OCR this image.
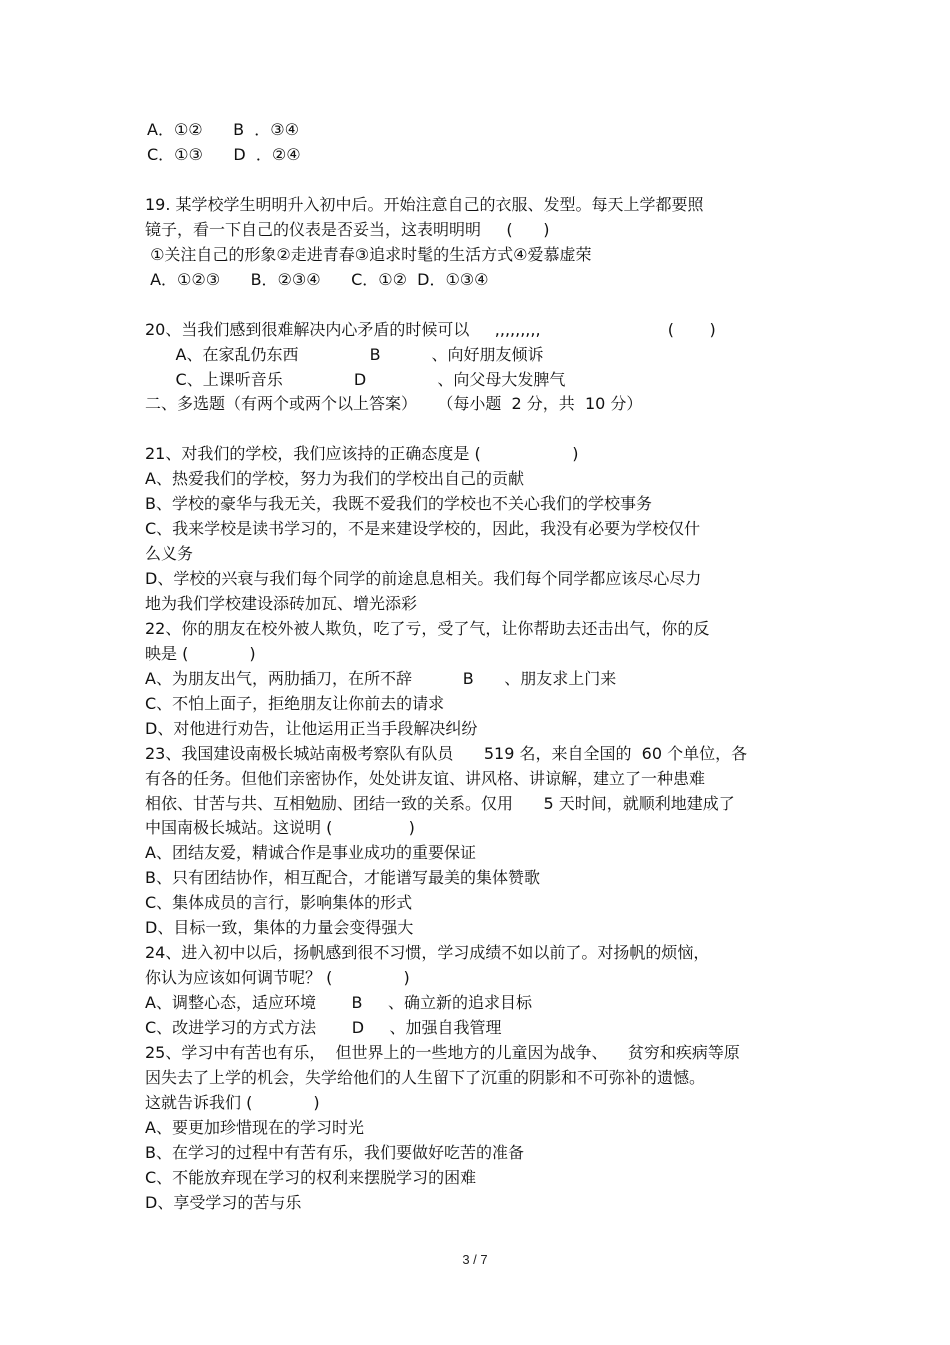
A．①②      B  ．③④
C．①③      D  ．②④
19. 某学校学生明明升入初中后。开始注意自己的衣服、发型。每天上学都要照
镜子，看一下自己的仪表是否妥当，这表明明明     (      )
①关注自己的形象②走进青春③追求时髦的生活方式④爱慕虚荣
A．①②③      B．②③④      C．①②  D．①③④
20、当我们感到很难解决内心矛盾的时候可以     ,,,,,,,,,                         (       )
A、在家乱仍东西              B          、向好朋友倾诉
C、上课听音乐              D              、向父母大发脾气
二、多选题（有两个或两个以上答案）    （每小题  2 分，共  10 分）
21、对我们的学校，我们应该持的正确态度是 (                  )
A、热爱我们的学校，努力为我们的学校出自己的贡献
B、学校的豪华与我无关，我既不爱我们的学校也不关心我们的学校事务
C、我来学校是读书学习的，不是来建设学校的，因此，我没有必要为学校仅什
么义务
D、学校的兴衰与我们每个同学的前途息息相关。我们每个同学都应该尽心尽力
地为我们学校建设添砖加瓦、增光添彩
22、你的朋友在校外被人欺负，吃了亏，受了气，让你帮助去还击出气，你的反
映是 (            )
A、为朋友出气，两肋插刀，在所不辞          B      、朋友求上门来
C、不怕上面子，拒绝朋友让你前去的请求
D、对他进行劝告，让他运用正当手段解决纠纷
23、我国建设南极长城站南极考察队有队员      519 名，来自全国的  60 个单位，各
有各的任务。但他们亲密协作，处处讲友谊、讲风格、讲谅解，建立了一种患难
相依、甘苦与共、互相勉励、团结一致的关系。仅用      5 天时间，就顺利地建成了
中国南极长城站。这说明 (               )
A、团结友爱，精诚合作是事业成功的重要保证
B、只有团结协作，相互配合，才能谱写最美的集体赞歌
C、集体成员的言行，影响集体的形式
D、目标一致，集体的力量会变得强大
24、进入初中以后，扬帆感到很不习惯，学习成绩不如以前了。对扬帆的烦恼，
你认为应该如何调节呢？ (              )
A、调整心态，适应环境       B     、确立新的追求目标
C、改进学习的方式方法       D     、加强自我管理
25、学习中有苦也有乐，  但世界上的一些地方的儿童因为战争、    贫穷和疾病等原
因失去了上学的机会，失学给他们的人生留下了沉重的阴影和不可弥补的遗憾。
这就告诉我们 (            )
A、要更加珍惜现在的学习时光
B、在学习的过程中有苦有乐，我们要做好吃苦的准备
C、不能放弃现在学习的权利来摆脱学习的困难
D、享受学习的苦与乐
3 / 7
